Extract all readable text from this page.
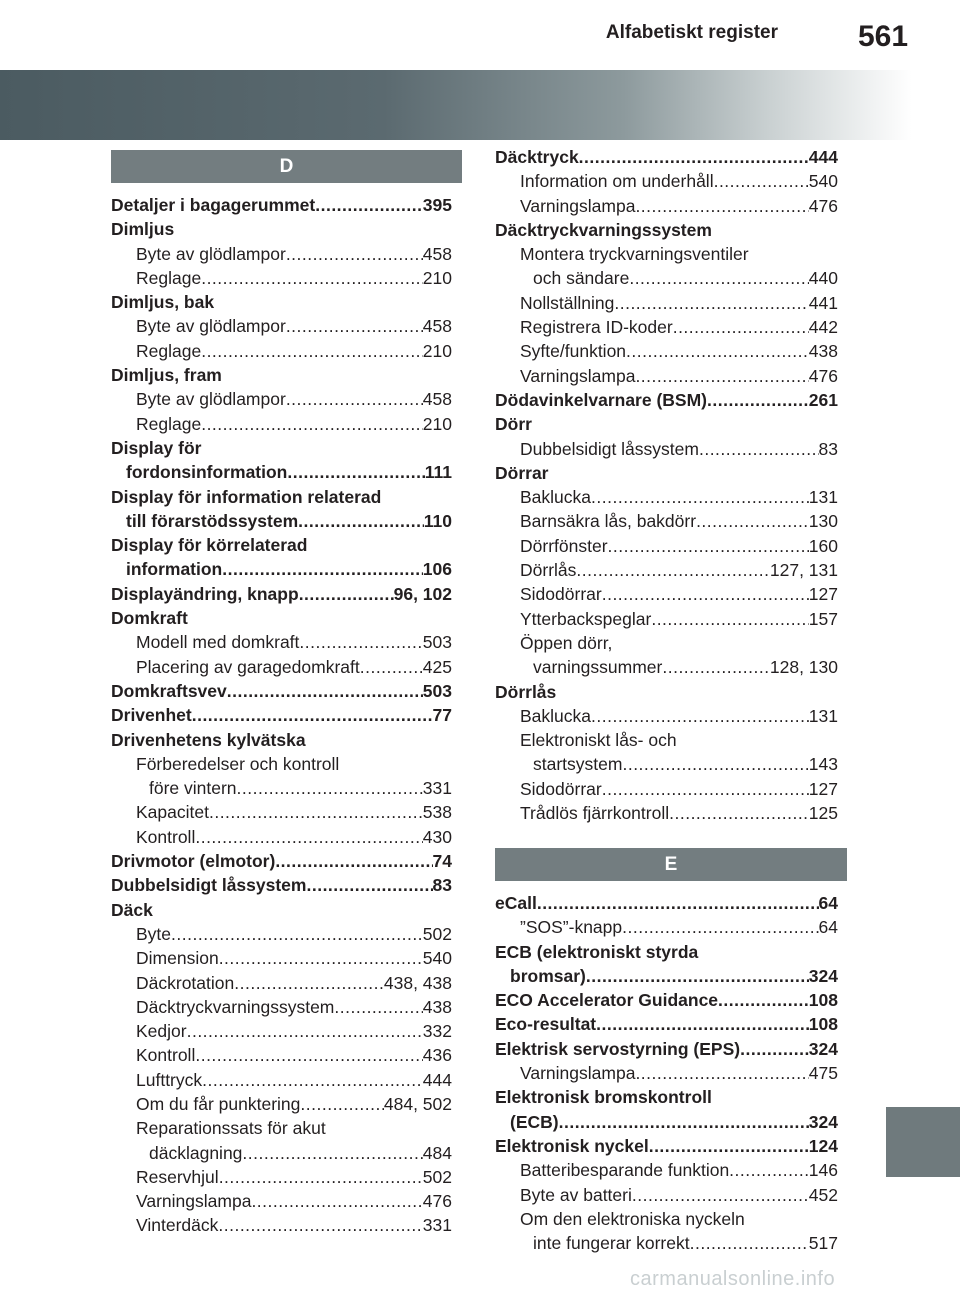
Alfabetiskt register	561
D
Detaljer i bagagerummet .....	395
Dimljus
Byte av glödlampor .....	458
Reglage .....	210
Dimljus, bak
Byte av glödlampor .....	458
Reglage .....	210
Dimljus, fram
Byte av glödlampor .....	458
Reglage .....	210
Display för
fordonsinformation .....	111
Display för information relaterad
till förarstödssystem .....	110
Display för körrelaterad
information .....	106
Displayändring, knapp .....	96, 102
Domkraft
Modell med domkraft .....	503
Placering av garagedomkraft .....	425
Domkraftsvev .....	503
Drivenhet .....	77
Drivenhetens kylvätska
Förberedelser och kontroll
före vintern .....	331
Kapacitet .....	538
Kontroll .....	430
Drivmotor (elmotor) .....	74
Dubbelsidigt låssystem .....	83
Däck
Byte .....	502
Dimension .....	540
Däckrotation .....	438, 438
Däcktryckvarningssystem .....	438
Kedjor .....	332
Kontroll .....	436
Lufttryck .....	444
Om du får punktering .....	484, 502
Reparationssats för akut
däcklagning .....	484
Reservhjul .....	502
Varningslampa .....	476
Vinterdäck .....	331
Däcktryck .....	444
Information om underhåll .....	540
Varningslampa .....	476
Däcktryckvarningssystem
Montera tryckvarningsventiler
och sändare .....	440
Nollställning .....	441
Registrera ID-koder .....	442
Syfte/funktion .....	438
Varningslampa .....	476
Dödavinkelvarnare (BSM) .....	261
Dörr
Dubbelsidigt låssystem .....	83
Dörrar
Baklucka .....	131
Barnsäkra lås, bakdörr .....	130
Dörrfönster .....	160
Dörrlås .....	127, 131
Sidodörrar .....	127
Ytterbackspeglar .....	157
Öppen dörr,
varningssummer .....	128, 130
Dörrlås
Baklucka .....	131
Elektroniskt lås- och
startsystem .....	143
Sidodörrar .....	127
Trådlös fjärrkontroll .....	125
E
eCall .....	64
”SOS”-knapp .....	64
ECB (elektroniskt styrda
bromsar) .....	324
ECO Accelerator Guidance .....	108
Eco-resultat .....	108
Elektrisk servostyrning (EPS) .....	324
Varningslampa .....	475
Elektronisk bromskontroll
(ECB) .....	324
Elektronisk nyckel .....	124
Batteribesparande funktion .....	146
Byte av batteri .....	452
Om den elektroniska nyckeln
inte fungerar korrekt .....	517
carmanualsonline.info
